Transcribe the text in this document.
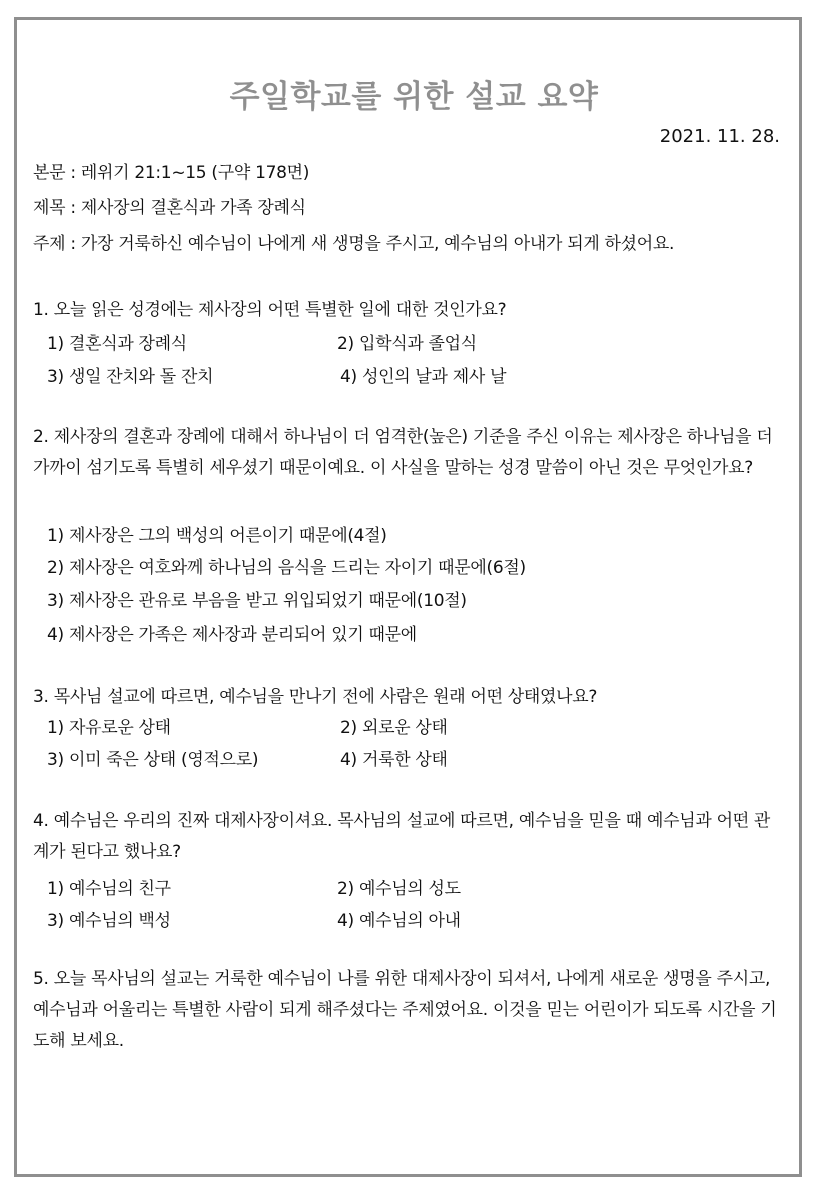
주일학교를 위한 설교 요약
2021. 11. 28.
본문 : 레위기 21:1~15 (구약 178면)
제목 : 제사장의 결혼식과 가족 장례식
주제 : 가장 거룩하신 예수님이 나에게 새 생명을 주시고, 예수님의 아내가 되게 하셨어요.
1. 오늘 읽은 성경에는 제사장의 어떤 특별한 일에 대한 것인가요?
1) 결혼식과 장례식	2) 입학식과 졸업식
3) 생일 잔치와 돌 잔치	4) 성인의 날과 제사 날
2. 제사장의 결혼과 장례에 대해서 하나님이 더 엄격한(높은) 기준을 주신 이유는 제사장은 하나님을 더 가까이 섬기도록 특별히 세우셨기 때문이예요. 이 사실을 말하는 성경 말씀이 아닌 것은 무엇인가요?
1) 제사장은 그의 백성의 어른이기 때문에(4절)
2) 제사장은 여호와께 하나님의 음식을 드리는 자이기 때문에(6절)
3) 제사장은 관유로 부음을 받고 위입되었기 때문에(10절)
4) 제사장은 가족은 제사장과 분리되어 있기 때문에
3. 목사님 설교에 따르면, 예수님을 만나기 전에 사람은 원래 어떤 상태였나요?
1) 자유로운 상태	2) 외로운 상태
3) 이미 죽은 상태 (영적으로)	4) 거룩한 상태
4. 예수님은 우리의 진짜 대제사장이셔요. 목사님의 설교에 따르면, 예수님을 믿을 때 예수님과 어떤 관계가 된다고 했나요?
1) 예수님의 친구	2) 예수님의 성도
3) 예수님의 백성	4) 예수님의 아내
5. 오늘 목사님의 설교는 거룩한 예수님이 나를 위한 대제사장이 되셔서, 나에게 새로운 생명을 주시고, 예수님과 어울리는 특별한 사람이 되게 해주셨다는 주제였어요. 이것을 믿는 어린이가 되도록 시간을 기도해 보세요.
